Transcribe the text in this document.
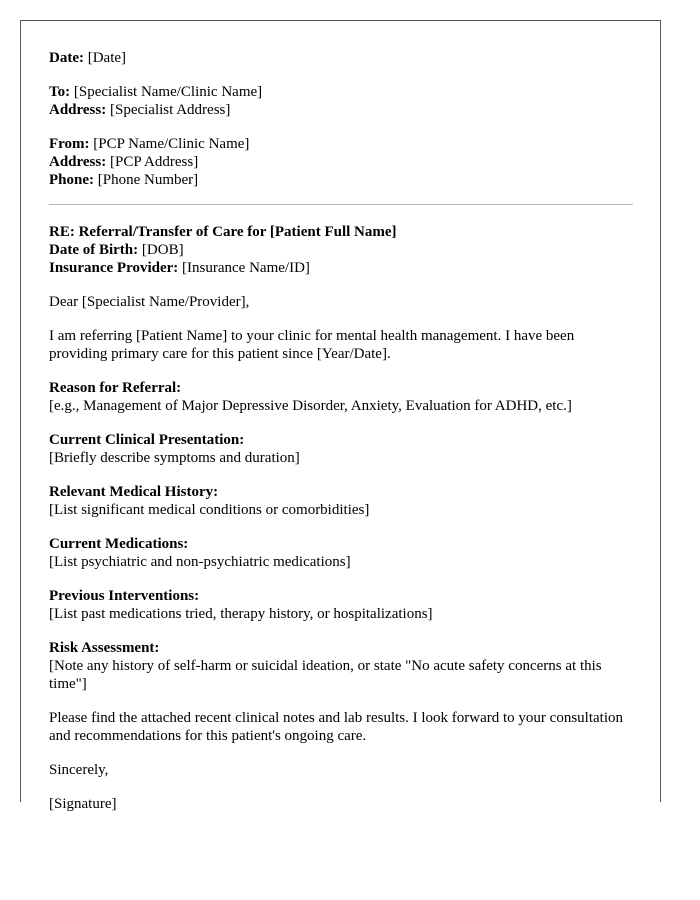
Date: [Date]
To: [Specialist Name/Clinic Name]
Address: [Specialist Address]
From: [PCP Name/Clinic Name]
Address: [PCP Address]
Phone: [Phone Number]
RE: Referral/Transfer of Care for [Patient Full Name]
Date of Birth: [DOB]
Insurance Provider: [Insurance Name/ID]
Dear [Specialist Name/Provider],
I am referring [Patient Name] to your clinic for mental health management. I have been providing primary care for this patient since [Year/Date].
Reason for Referral:
[e.g., Management of Major Depressive Disorder, Anxiety, Evaluation for ADHD, etc.]
Current Clinical Presentation:
[Briefly describe symptoms and duration]
Relevant Medical History:
[List significant medical conditions or comorbidities]
Current Medications:
[List psychiatric and non-psychiatric medications]
Previous Interventions:
[List past medications tried, therapy history, or hospitalizations]
Risk Assessment:
[Note any history of self-harm or suicidal ideation, or state "No acute safety concerns at this time"]
Please find the attached recent clinical notes and lab results. I look forward to your consultation and recommendations for this patient's ongoing care.
Sincerely,
[Signature]
